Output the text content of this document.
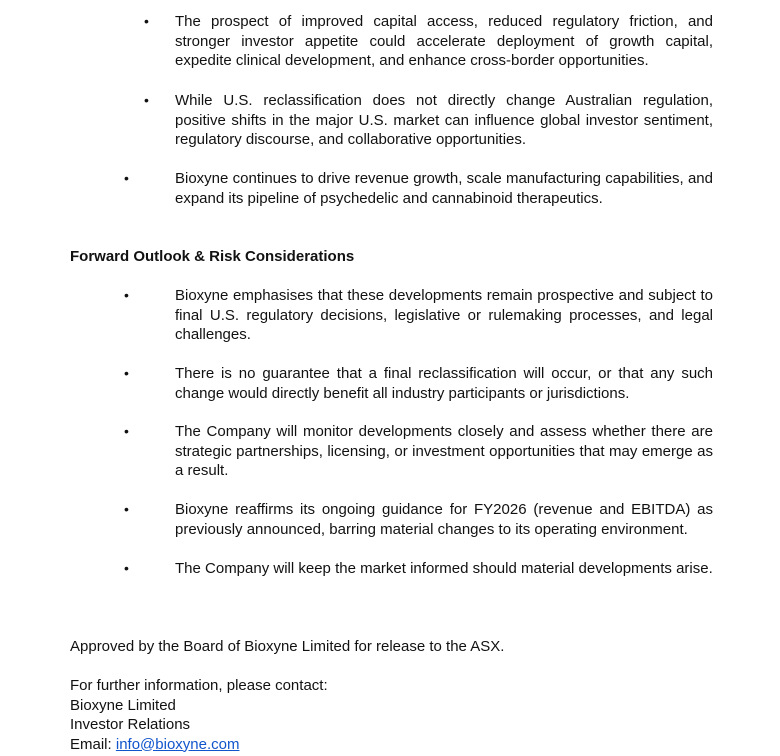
• The prospect of improved capital access, reduced regulatory friction, and stronger investor appetite could accelerate deployment of growth capital, expedite clinical development, and enhance cross-border opportunities.
• While U.S. reclassification does not directly change Australian regulation, positive shifts in the major U.S. market can influence global investor sentiment, regulatory discourse, and collaborative opportunities.
•	Bioxyne continues to drive revenue growth, scale manufacturing capabilities, and expand its pipeline of psychedelic and cannabinoid therapeutics.
Forward Outlook & Risk Considerations
•	Bioxyne emphasises that these developments remain prospective and subject to final U.S. regulatory decisions, legislative or rulemaking processes, and legal challenges.
•	There is no guarantee that a final reclassification will occur, or that any such change would directly benefit all industry participants or jurisdictions.
•	The Company will monitor developments closely and assess whether there are strategic partnerships, licensing, or investment opportunities that may emerge as a result.
•	Bioxyne reaffirms its ongoing guidance for FY2026 (revenue and EBITDA) as previously announced, barring material changes to its operating environment.
•	The Company will keep the market informed should material developments arise.
Approved by the Board of Bioxyne Limited for release to the ASX.
For further information, please contact:
Bioxyne Limited
Investor Relations
Email: info@bioxyne.com
